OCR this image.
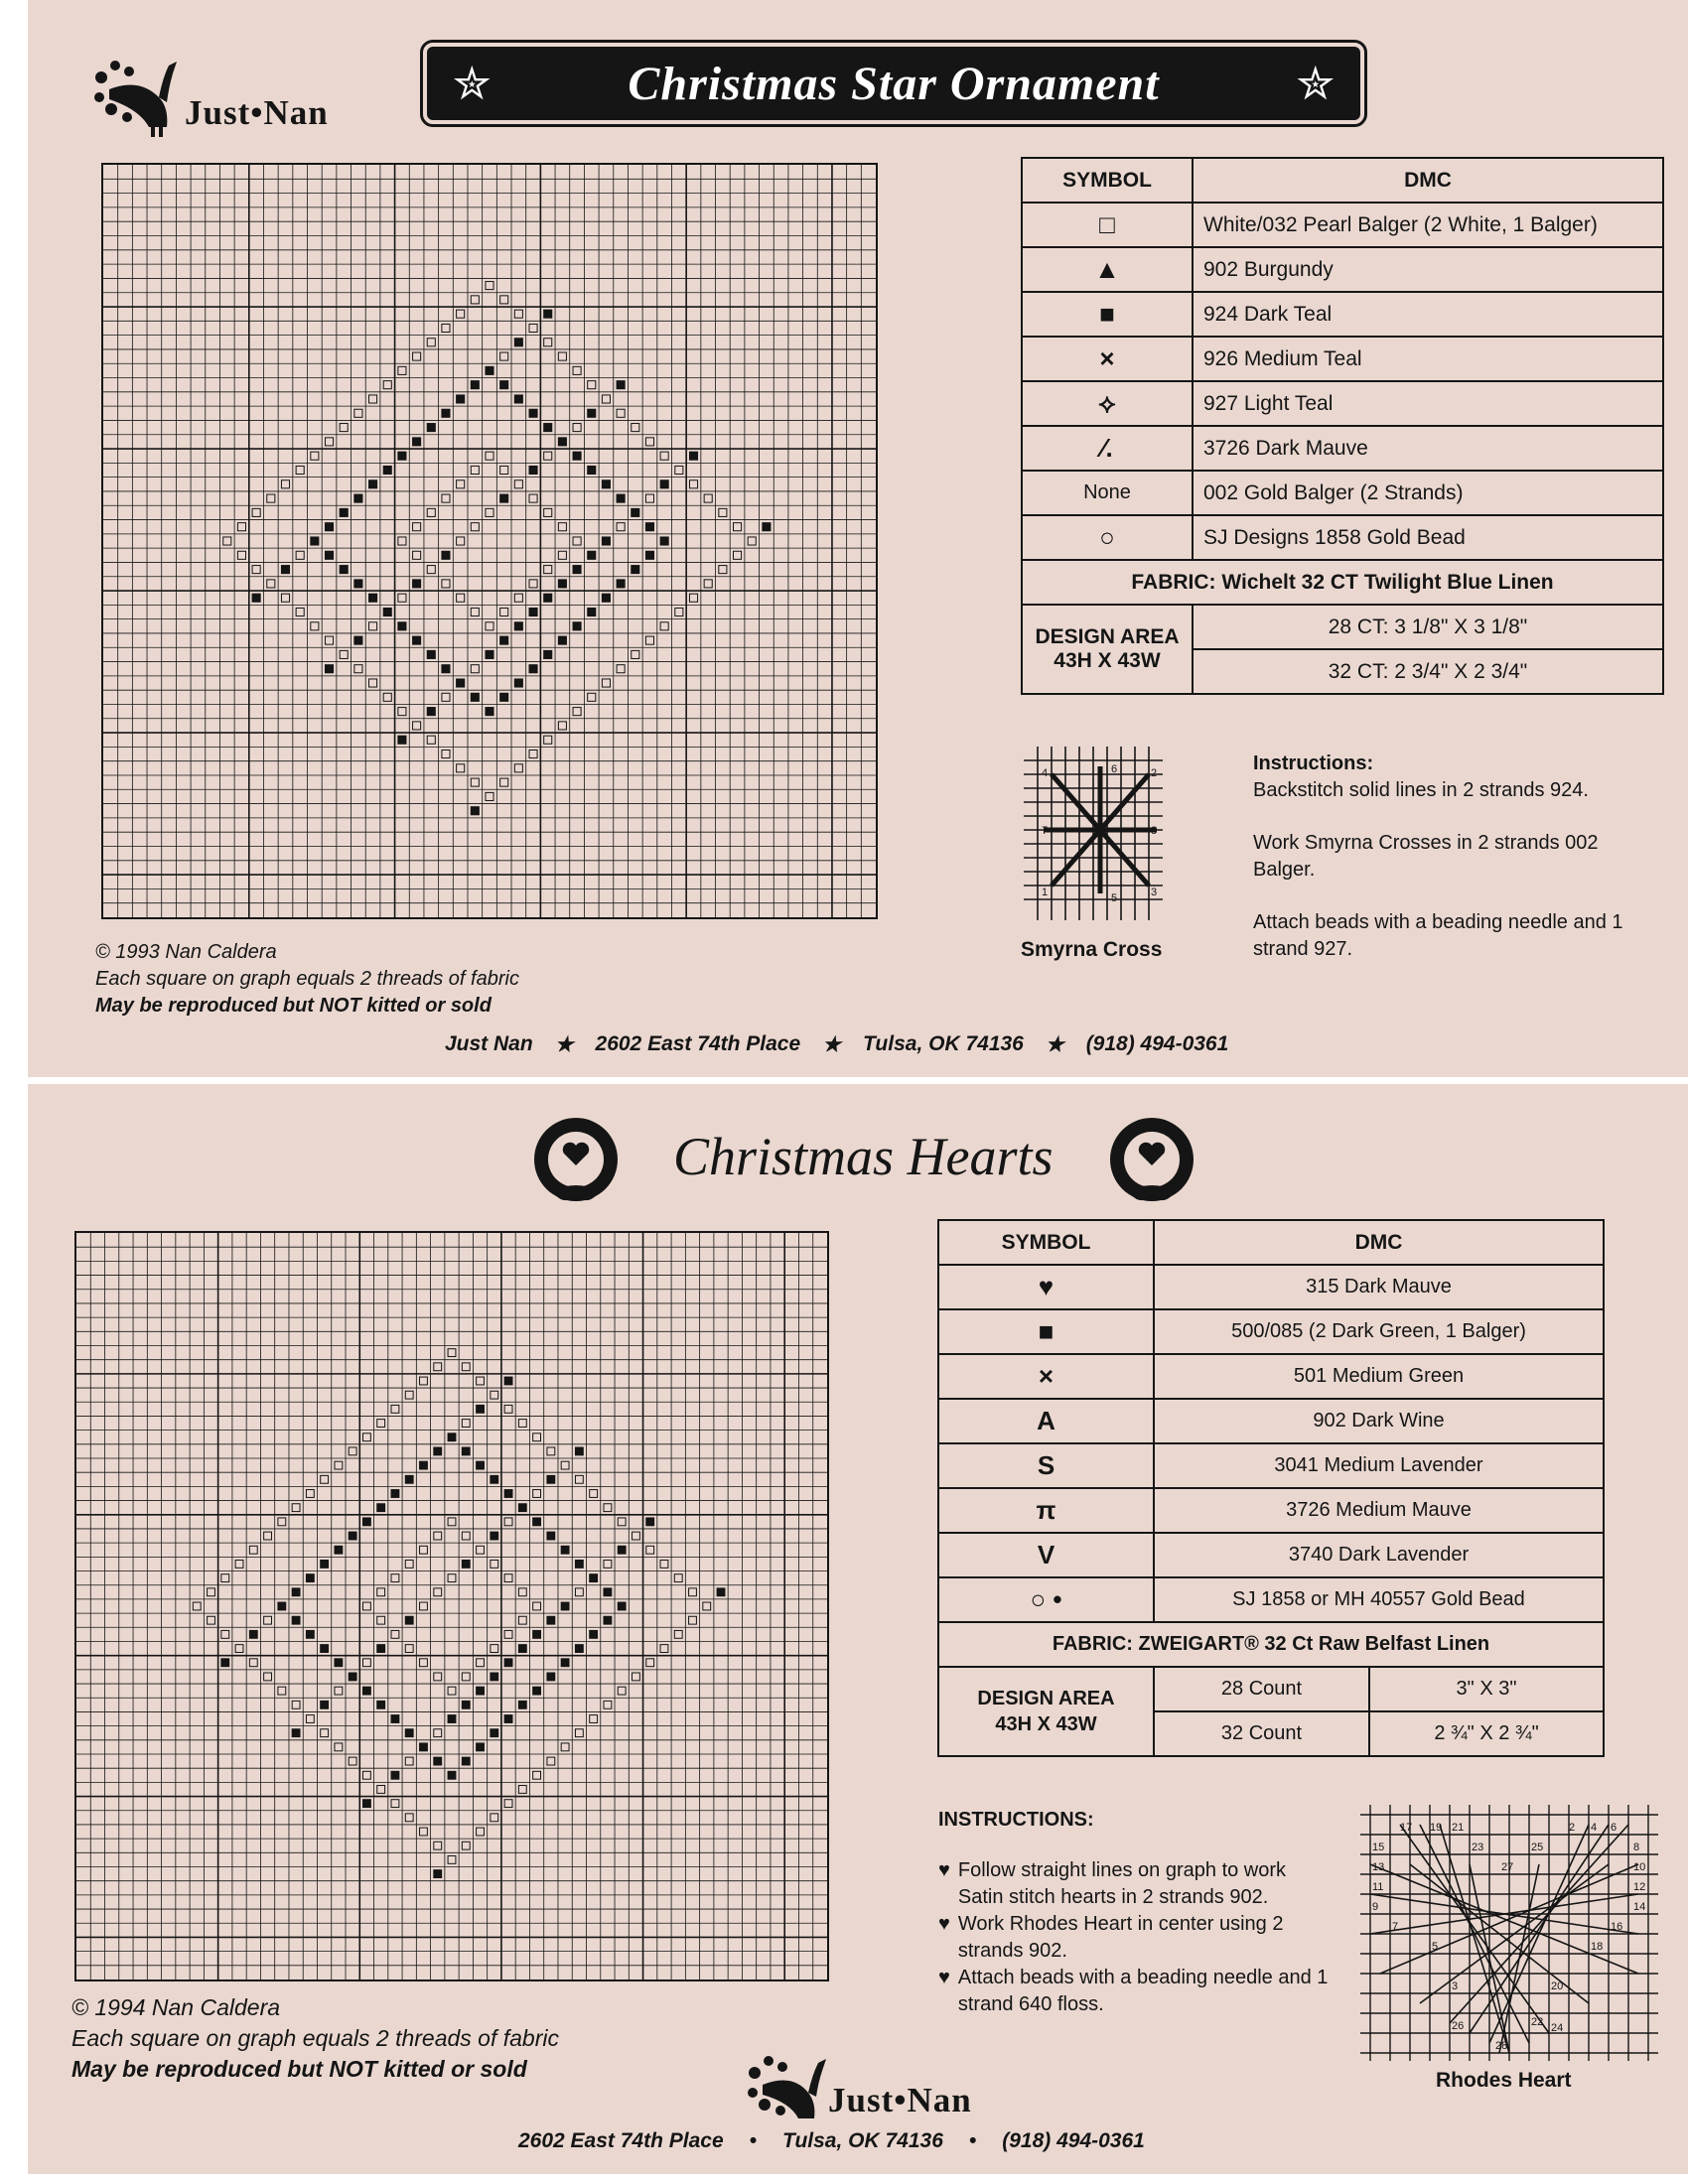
Just•Nan
✮	Christmas Star Ornament	✮
SYMBOL	DMC
□	White/032 Pearl Balger (2 White, 1 Balger)
▲	902 Burgundy
■	924 Dark Teal
×	926 Medium Teal
⟡	927 Light Teal
⁄.	3726 Dark Mauve
None	002 Gold Balger (2 Strands)
○	SJ Designs 1858 Gold Bead
FABRIC: Wichelt 32 CT Twilight Blue Linen	

DESIGN AREA
43H X 43W	28 CT: 3 1/8" X 3 1/8"
	32 CT: 2 3/4" X 2 3/4"
4	6	2
7	8
1	5	3
Smyrna Cross
Instructions:
Backstitch solid lines in 2 strands 924.
Work Smyrna Crosses in 2 strands 002 Balger.
Attach beads with a beading needle and 1 strand 927.
© 1993 Nan Caldera
Each square on graph equals 2 threads of fabric
May be reproduced but NOT kitted or sold
Just Nan ★ 2602 East 74th Place ★ Tulsa, OK 74136 ★ (918) 494-0361
Christmas Hearts
SYMBOL	DMC	
♥	315 Dark Mauve	
■	500/085 (2 Dark Green, 1 Balger)	
×	501 Medium Green	
A	902 Dark Wine	
S	3041 Medium Lavender	
π	3726 Medium Mauve	
V	3740 Dark Lavender	
○ •	SJ 1858 or MH 40557 Gold Bead	
FABRIC: ZWEIGART® 32 Ct Raw Belfast Linen		

DESIGN AREA
43H X 43W	28 Count	3" X 3"
	32 Count	2 ¾" X 2 ¾"
INSTRUCTIONS:
♥ Follow straight lines on graph to work Satin stitch hearts in 2 strands 902.
♥ Work Rhodes Heart in center using 2 strands 902.
♥ Attach beads with a beading needle and 1 strand 640 floss.
17 19 21	2 4 6
8
15	23	25
13	27	10
11	12
9	14
7	16
5	18
3	20
26	22 24
28
Rhodes Heart
© 1994 Nan Caldera
Each square on graph equals 2 threads of fabric
May be reproduced but NOT kitted or sold
Just•Nan
2602 East 74th Place • Tulsa, OK 74136 • (918) 494-0361
